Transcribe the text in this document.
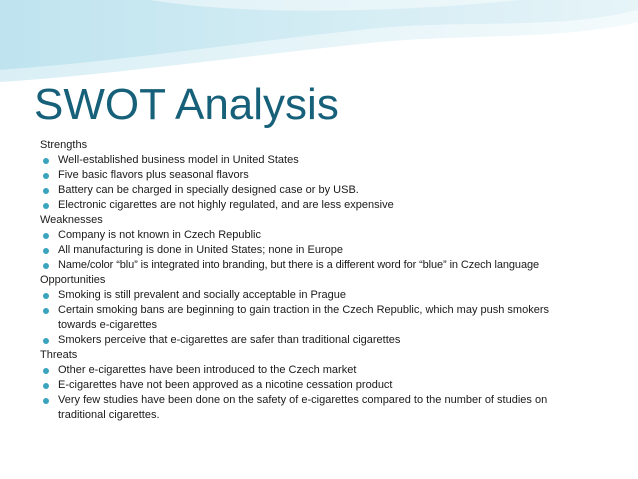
SWOT Analysis
Strengths
Well-established business model in United States
Five basic flavors plus seasonal flavors
Battery can be charged in specially designed case or by USB.
Electronic cigarettes are not highly regulated, and are less expensive
Weaknesses
Company is not known in Czech Republic
All manufacturing is done in United States; none in Europe
Name/color “blu” is integrated into branding, but there is a different word for “blue” in Czech language
Opportunities
Smoking is still prevalent and socially acceptable in Prague
Certain smoking bans are beginning to gain traction in the Czech Republic, which may push smokers towards e-cigarettes
Smokers perceive that e-cigarettes are safer than traditional cigarettes
Threats
Other e-cigarettes have been introduced to the Czech market
E-cigarettes have not been approved as a nicotine cessation product
Very few studies have been done on the safety of e-cigarettes compared to the number of studies on traditional cigarettes.
